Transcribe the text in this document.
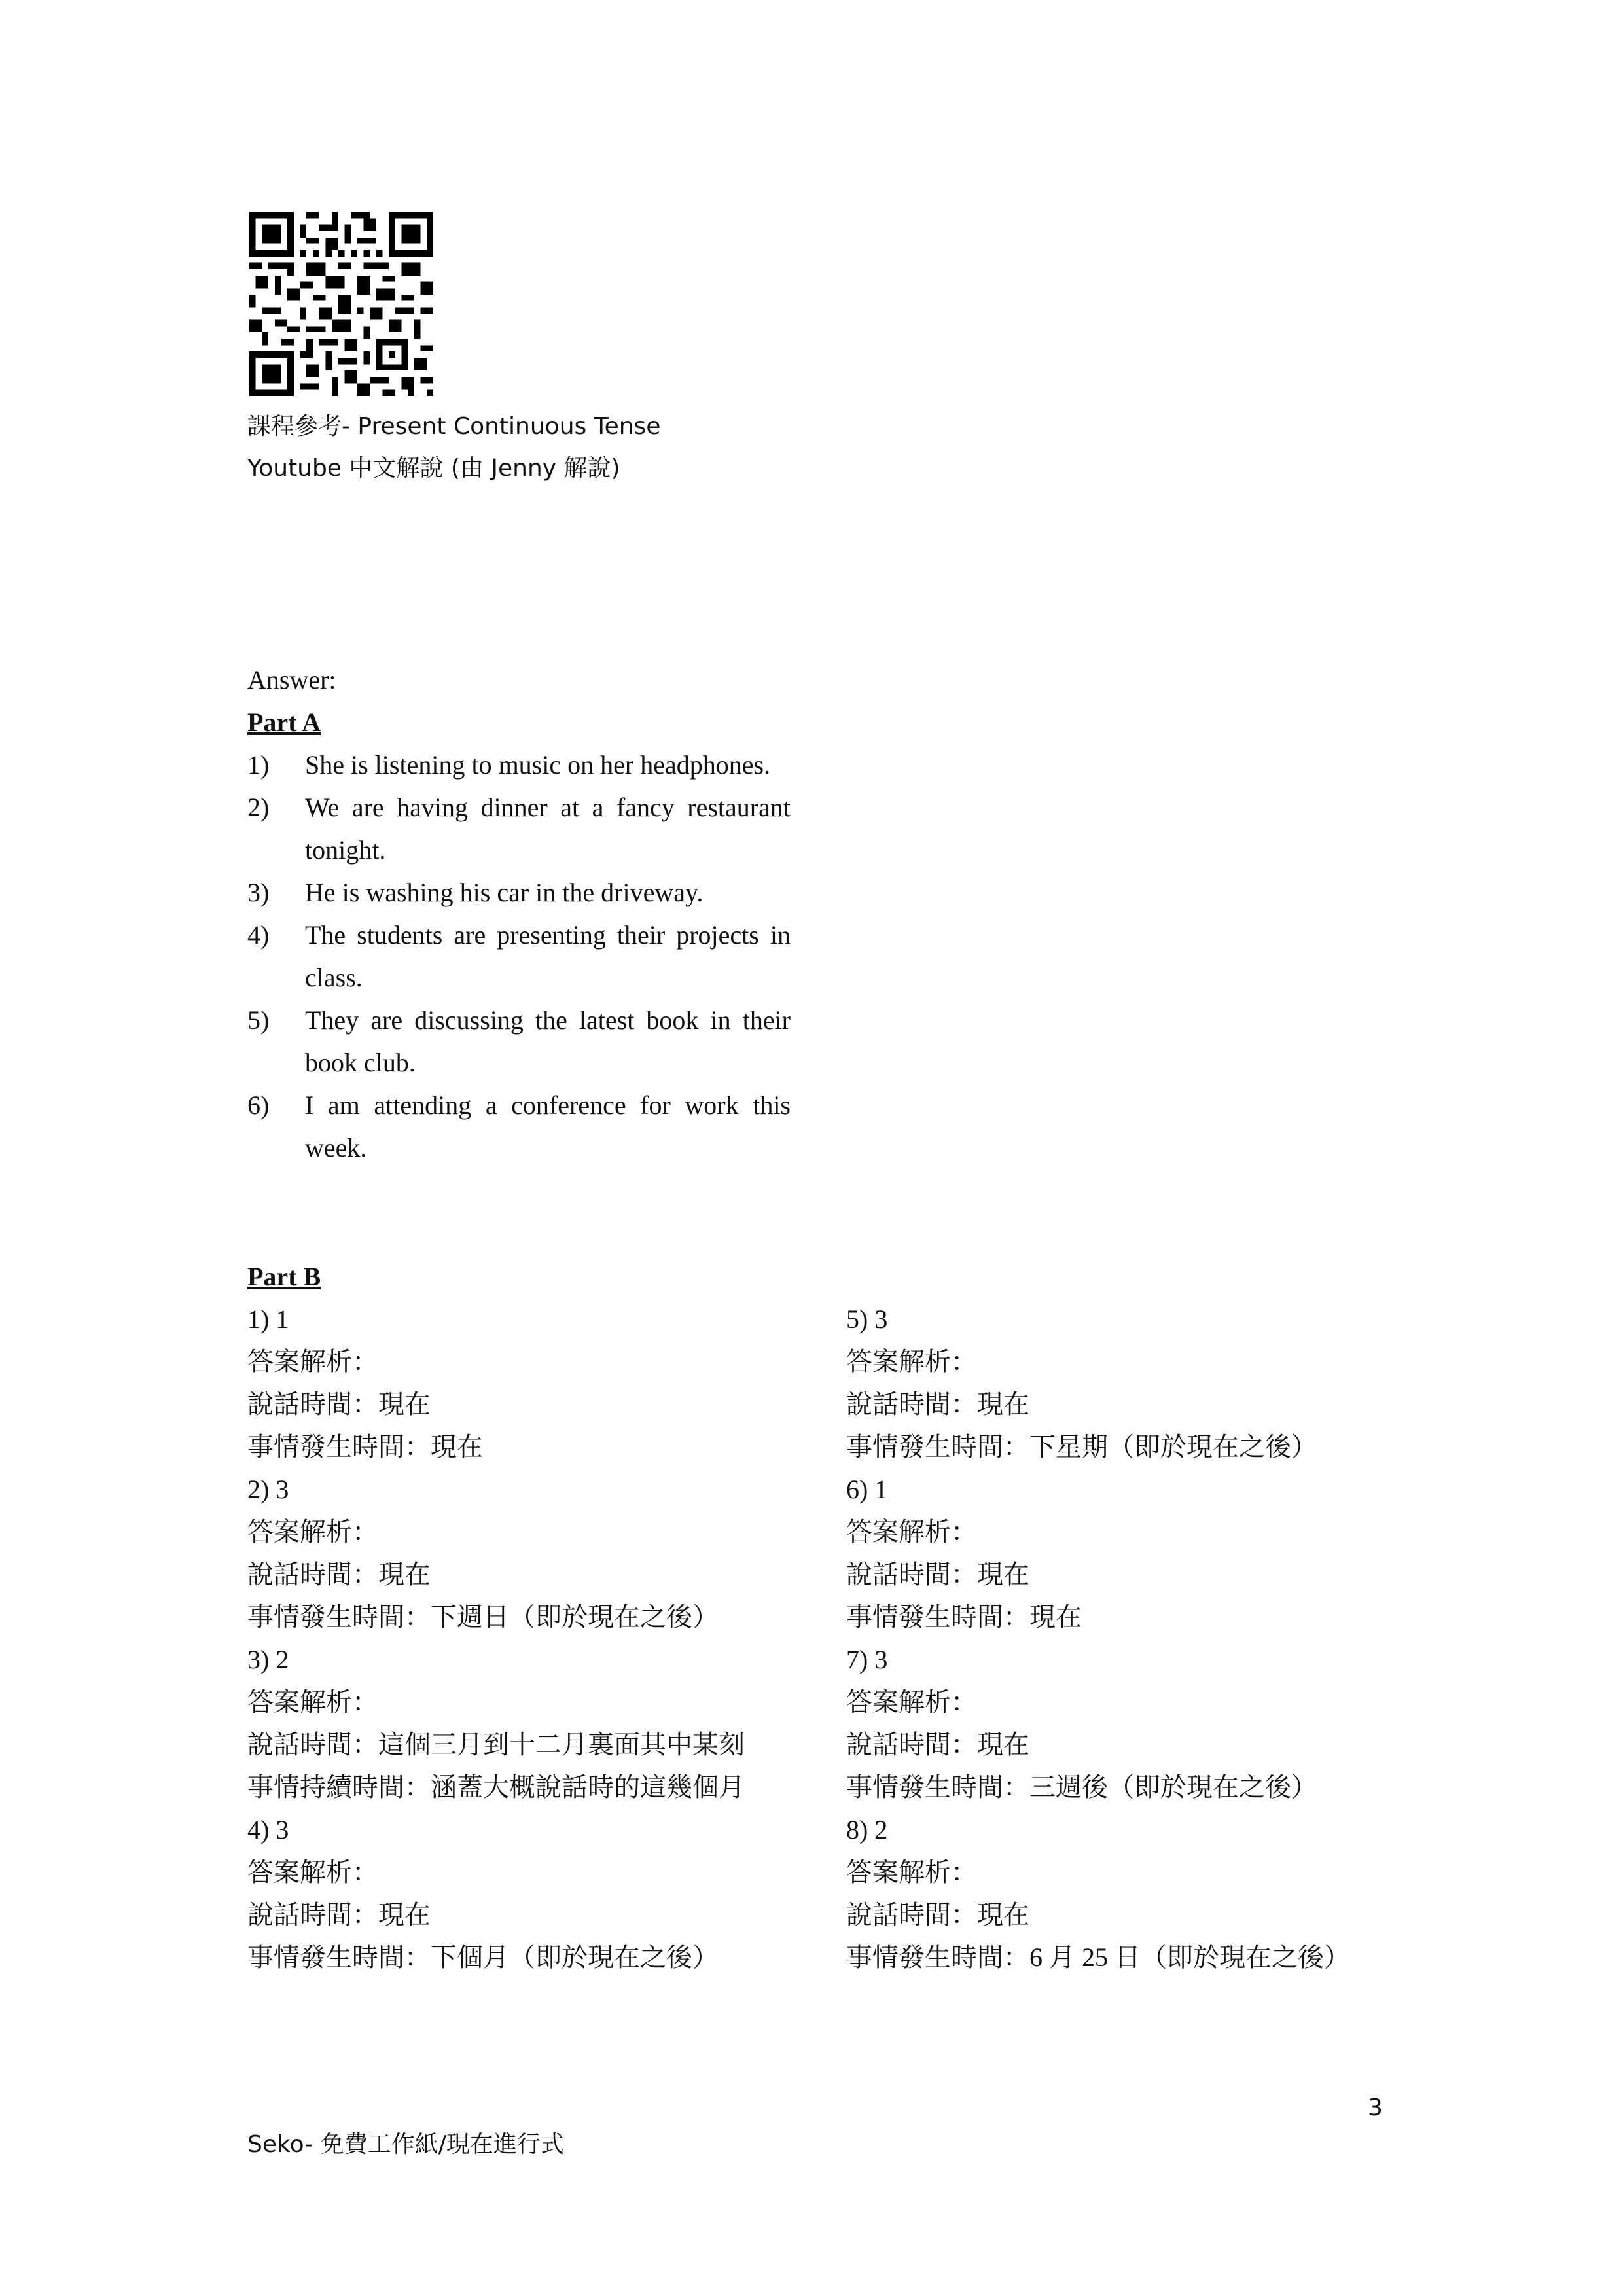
課程參考- Present Continuous Tense
Youtube 中文解說 (由 Jenny 解說)
Answer:
Part A
1)	She is listening to music on her headphones.
2)	We are having dinner at a fancy restaurant tonight.
3)	He is washing his car in the driveway.
4)	The students are presenting their projects in class.
5)	They are discussing the latest book in their book club.
6)	I am attending a conference for work this week.
Part B
1) 1
答案解析：
說話時間：現在
事情發生時間：現在
2) 3
答案解析：
說話時間：現在
事情發生時間：下週日（即於現在之後）
3) 2
答案解析：
說話時間：這個三月到十二月裏面其中某刻
事情持續時間：涵蓋大概說話時的這幾個月
4) 3
答案解析：
說話時間：現在
事情發生時間：下個月（即於現在之後）
5) 3
答案解析：
說話時間：現在
事情發生時間：下星期（即於現在之後）
6) 1
答案解析：
說話時間：現在
事情發生時間：現在
7) 3
答案解析：
說話時間：現在
事情發生時間：三週後（即於現在之後）
8) 2
答案解析：
說話時間：現在
事情發生時間：6 月 25 日（即於現在之後）
3
Seko- 免費工作紙/現在進行式
